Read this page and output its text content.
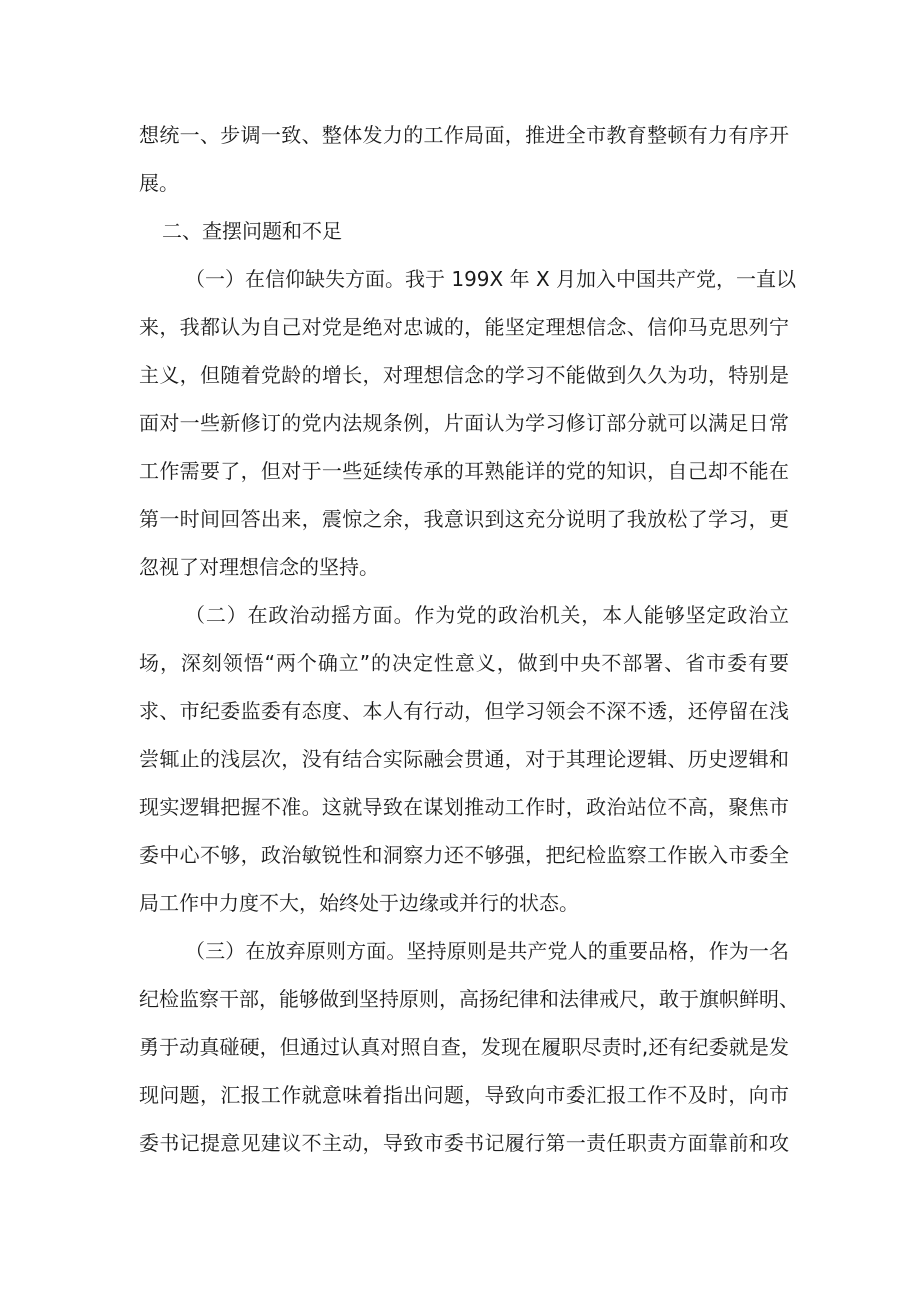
想统一、步调一致、整体发力的工作局面，推进全市教育整顿有力有序开
展。
二、查摆问题和不足
（一）在信仰缺失方面。我于 199X 年 X 月加入中国共产党，一直以
来，我都认为自己对党是绝对忠诚的，能坚定理想信念、信仰马克思列宁
主义，但随着党龄的增长，对理想信念的学习不能做到久久为功，特别是
面对一些新修订的党内法规条例，片面认为学习修订部分就可以满足日常
工作需要了，但对于一些延续传承的耳熟能详的党的知识，自己却不能在
第一时间回答出来，震惊之余，我意识到这充分说明了我放松了学习，更
忽视了对理想信念的坚持。
（二）在政治动摇方面。作为党的政治机关，本人能够坚定政治立
场，深刻领悟“两个确立”的决定性意义，做到中央不部署、省市委有要
求、市纪委监委有态度、本人有行动，但学习领会不深不透，还停留在浅
尝辄止的浅层次，没有结合实际融会贯通，对于其理论逻辑、历史逻辑和
现实逻辑把握不准。这就导致在谋划推动工作时，政治站位不高，聚焦市
委中心不够，政治敏锐性和洞察力还不够强，把纪检监察工作嵌入市委全
局工作中力度不大，始终处于边缘或并行的状态。
（三）在放弃原则方面。坚持原则是共产党人的重要品格，作为一名
纪检监察干部，能够做到坚持原则，高扬纪律和法律戒尺，敢于旗帜鲜明、
勇于动真碰硬，但通过认真对照自查，发现在履职尽责时,还有纪委就是发
现问题，汇报工作就意味着指出问题，导致向市委汇报工作不及时，向市
委书记提意见建议不主动，导致市委书记履行第一责任职责方面靠前和攻
